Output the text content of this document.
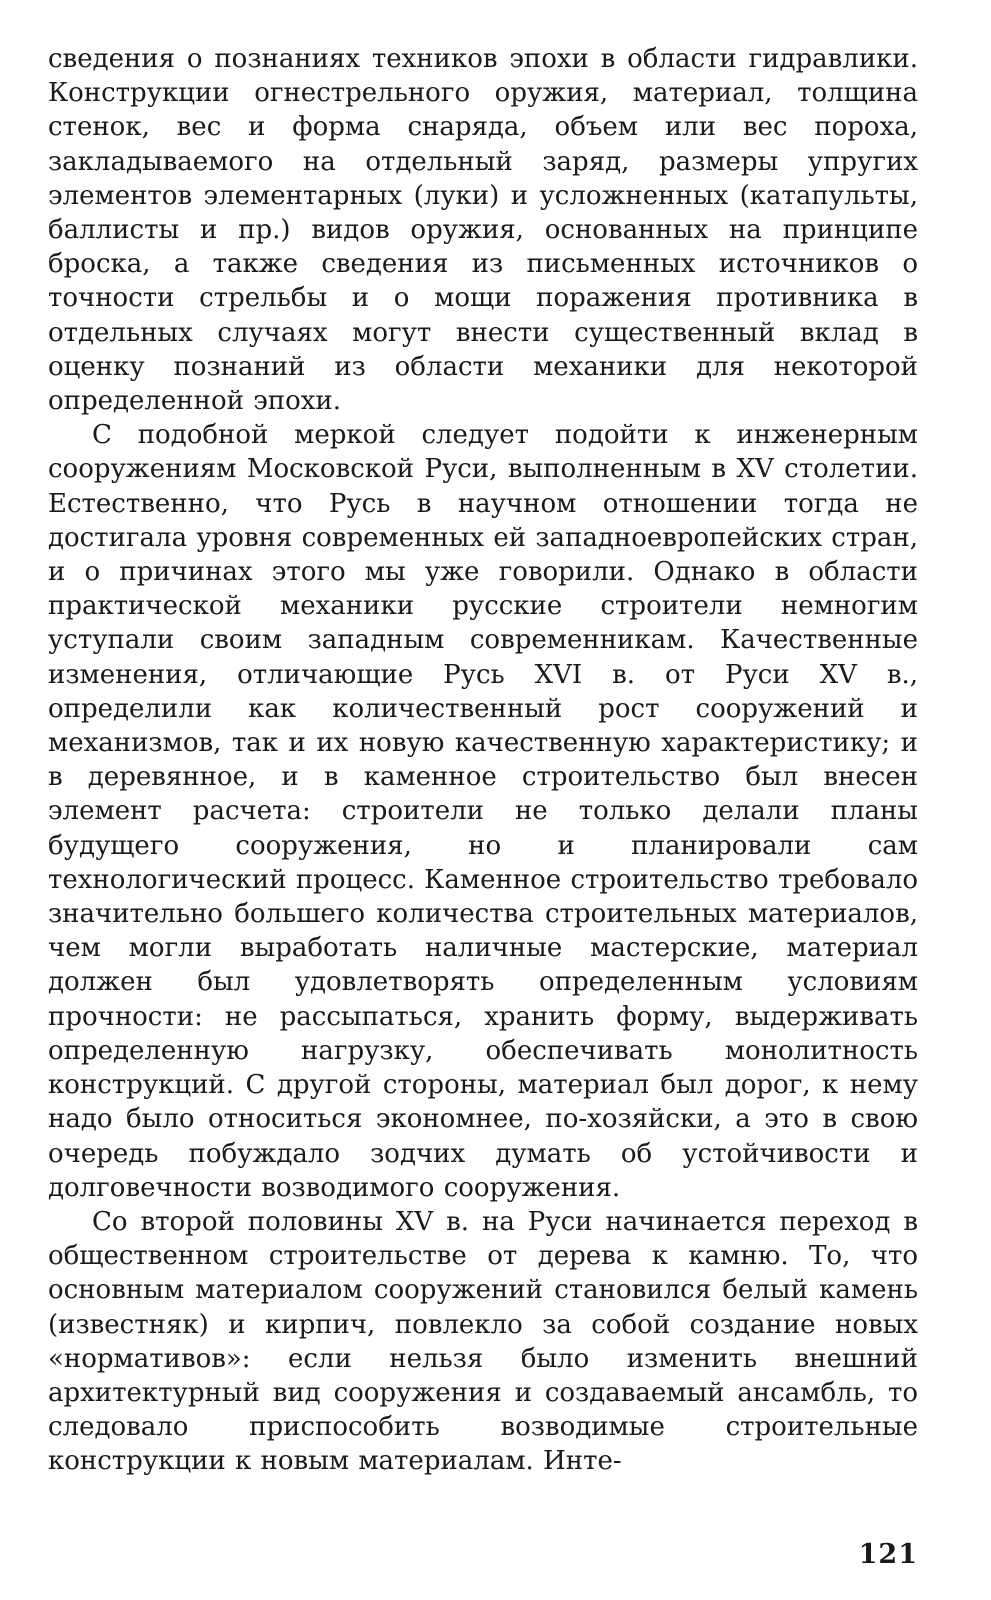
сведения о познаниях техников эпохи в области гидравлики. Конструкции огнестрельного оружия, материал, толщина стенок, вес и форма снаряда, объем или вес пороха, закладываемого на отдельный заряд, размеры упругих элементов элементарных (луки) и усложненных (катапульты, баллисты и пр.) видов оружия, основанных на принципе броска, а также сведения из письменных источников о точности стрельбы и о мощи поражения противника в отдельных случаях могут внести существенный вклад в оценку познаний из области механики для некоторой определенной эпохи.

С подобной меркой следует подойти к инженерным сооружениям Московской Руси, выполненным в XV столетии. Естественно, что Русь в научном отношении тогда не достигала уровня современных ей западноевропейских стран, и о причинах этого мы уже говорили. Однако в области практической механики русские строители немногим уступали своим западным современникам. Качественные изменения, отличающие Русь XVI в. от Руси XV в., определили как количественный рост сооружений и механизмов, так и их новую качественную характеристику; и в деревянное, и в каменное строительство был внесен элемент расчета: строители не только делали планы будущего сооружения, но и планировали сам технологический процесс. Каменное строительство требовало значительно большего количества строительных материалов, чем могли выработать наличные мастерские, материал должен был удовлетворять определенным условиям прочности: не рассыпаться, хранить форму, выдерживать определенную нагрузку, обеспечивать монолитность конструкций. С другой стороны, материал был дорог, к нему надо было относиться экономнее, по-хозяйски, а это в свою очередь побуждало зодчих думать об устойчивости и долговечности возводимого сооружения.

Со второй половины XV в. на Руси начинается переход в общественном строительстве от дерева к камню. То, что основным материалом сооружений становился белый камень (известняк) и кирпич, повлекло за собой создание новых «нормативов»: если нельзя было изменить внешний архитектурный вид сооружения и создаваемый ансамбль, то следовало приспособить возводимые строительные конструкции к новым материалам. Инте-

121
